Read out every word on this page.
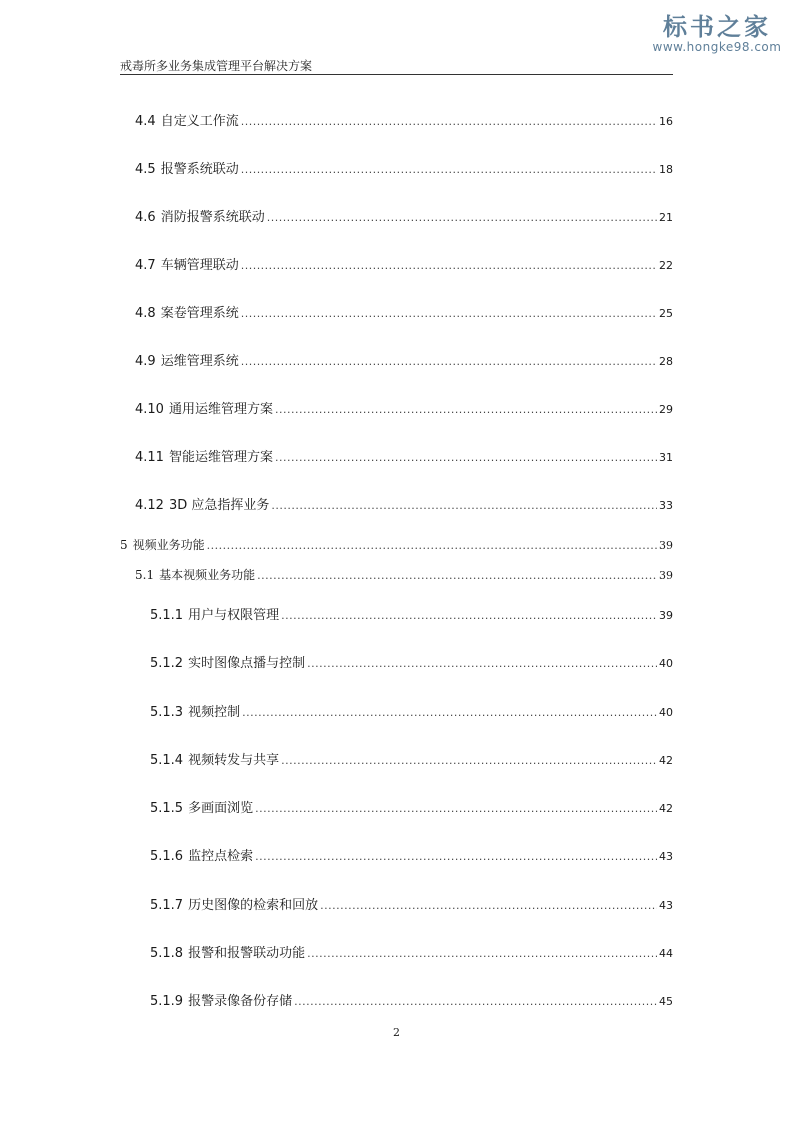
戒毒所多业务集成管理平台解决方案
标书之家
www.hongke98.com
4.4 自定义工作流 .....	16
4.5 报警系统联动 .....	18
4.6 消防报警系统联动 .....	21
4.7 车辆管理联动 .....	22
4.8 案卷管理系统 .....	25
4.9 运维管理系统 .....	28
4.10 通用运维管理方案 .....	29
4.11 智能运维管理方案 .....	31
4.12 3D 应急指挥业务 .....	33
5 视频业务功能 .....	39
5.1 基本视频业务功能 .....	39
5.1.1 用户与权限管理 .....	39
5.1.2 实时图像点播与控制 .....	40
5.1.3 视频控制 .....	40
5.1.4 视频转发与共享 .....	42
5.1.5 多画面浏览 .....	42
5.1.6 监控点检索 .....	43
5.1.7 历史图像的检索和回放 .....	43
5.1.8 报警和报警联动功能 .....	44
5.1.9 报警录像备份存储 .....	45
2
